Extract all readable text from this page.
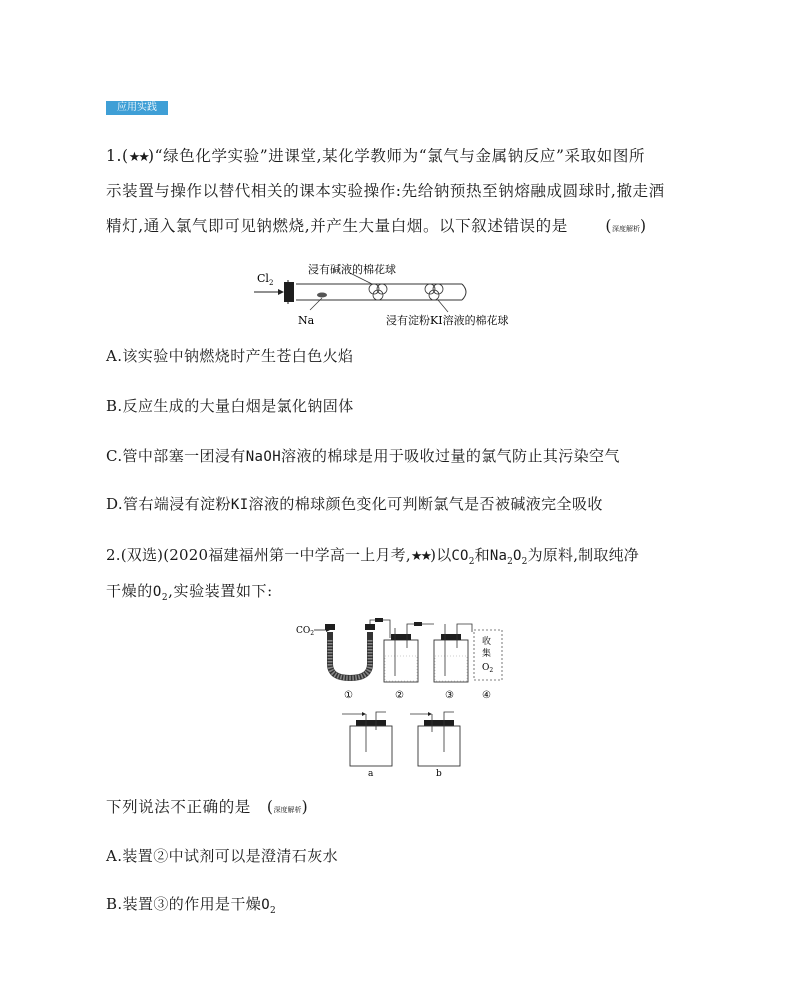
应用实践
1.(★★)“绿色化学实验”进课堂,某化学教师为“氯气与金属钠反应”采取如图所
示装置与操作以替代相关的课本实验操作:先给钠预热至钠熔融成圆球时,撤走酒
精灯,通入氯气即可见钠燃烧,并产生大量白烟。以下叙述错误的是 (深度解析)
$Cl_2$
浸有碱液的棉花球
Na	浸有淀粉KI溶液的棉花球
A.该实验中钠燃烧时产生苍白色火焰
B.反应生成的大量白烟是氯化钠固体
C.管中部塞一团浸有NaOH溶液的棉球是用于吸收过量的氯气防止其污染空气
D.管右端浸有淀粉KI溶液的棉球颜色变化可判断氯气是否被碱液完全吸收
2.(双选)(2020福建福州第一中学高一上月考,★★)以$CO_2$和$Na_2O_2$为原料,制取纯净
干燥的$O_2$,实验装置如下:
$CO_2$
收
集
$O_2$
①	②	③	④
a	b
下列说法不正确的是 (深度解析)
A.装置②中试剂可以是澄清石灰水
B.装置③的作用是干燥$O_2$
